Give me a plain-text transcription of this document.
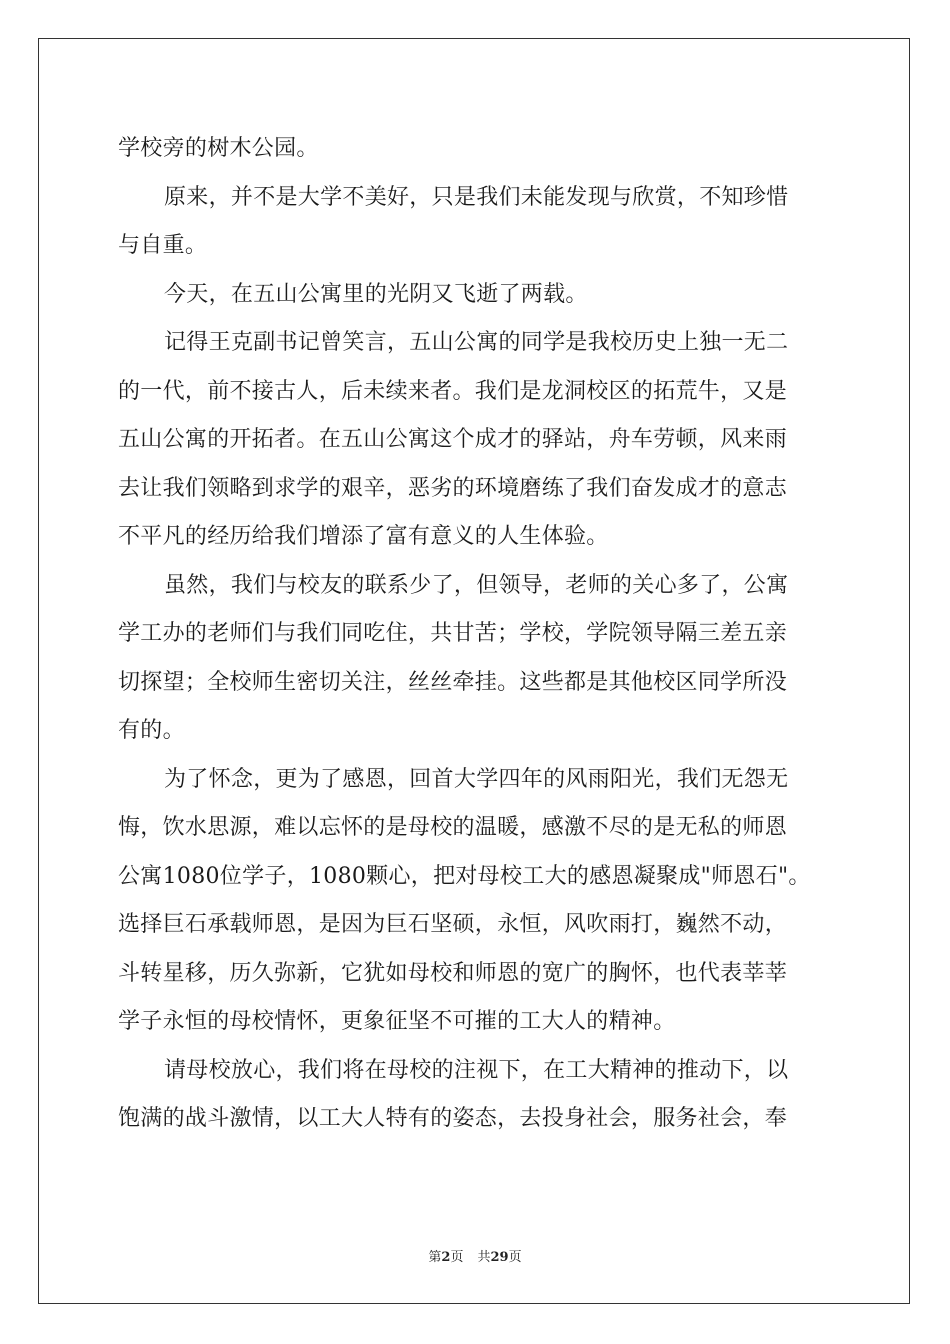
学校旁的树木公园。
原来，并不是大学不美好，只是我们未能发现与欣赏，不知珍惜
与自重。
今天，在五山公寓里的光阴又飞逝了两载。
记得王克副书记曾笑言，五山公寓的同学是我校历史上独一无二
的一代，前不接古人，后未续来者。我们是龙洞校区的拓荒牛，又是
五山公寓的开拓者。在五山公寓这个成才的驿站，舟车劳顿，风来雨
去让我们领略到求学的艰辛，恶劣的环境磨练了我们奋发成才的意志
不平凡的经历给我们增添了富有意义的人生体验。
虽然，我们与校友的联系少了，但领导，老师的关心多了，公寓
学工办的老师们与我们同吃住，共甘苦；学校，学院领导隔三差五亲
切探望；全校师生密切关注，丝丝牵挂。这些都是其他校区同学所没
有的。
为了怀念，更为了感恩，回首大学四年的风雨阳光，我们无怨无
悔，饮水思源，难以忘怀的是母校的温暖，感激不尽的是无私的师恩
公寓1080位学子，1080颗心，把对母校工大的感恩凝聚成"师恩石"。
选择巨石承载师恩，是因为巨石坚硕，永恒，风吹雨打，巍然不动，
斗转星移，历久弥新，它犹如母校和师恩的宽广的胸怀，也代表莘莘
学子永恒的母校情怀，更象征坚不可摧的工大人的精神。
请母校放心，我们将在母校的注视下，在工大精神的推动下，以
饱满的战斗激情，以工大人特有的姿态，去投身社会，服务社会，奉
第2页 共29页
